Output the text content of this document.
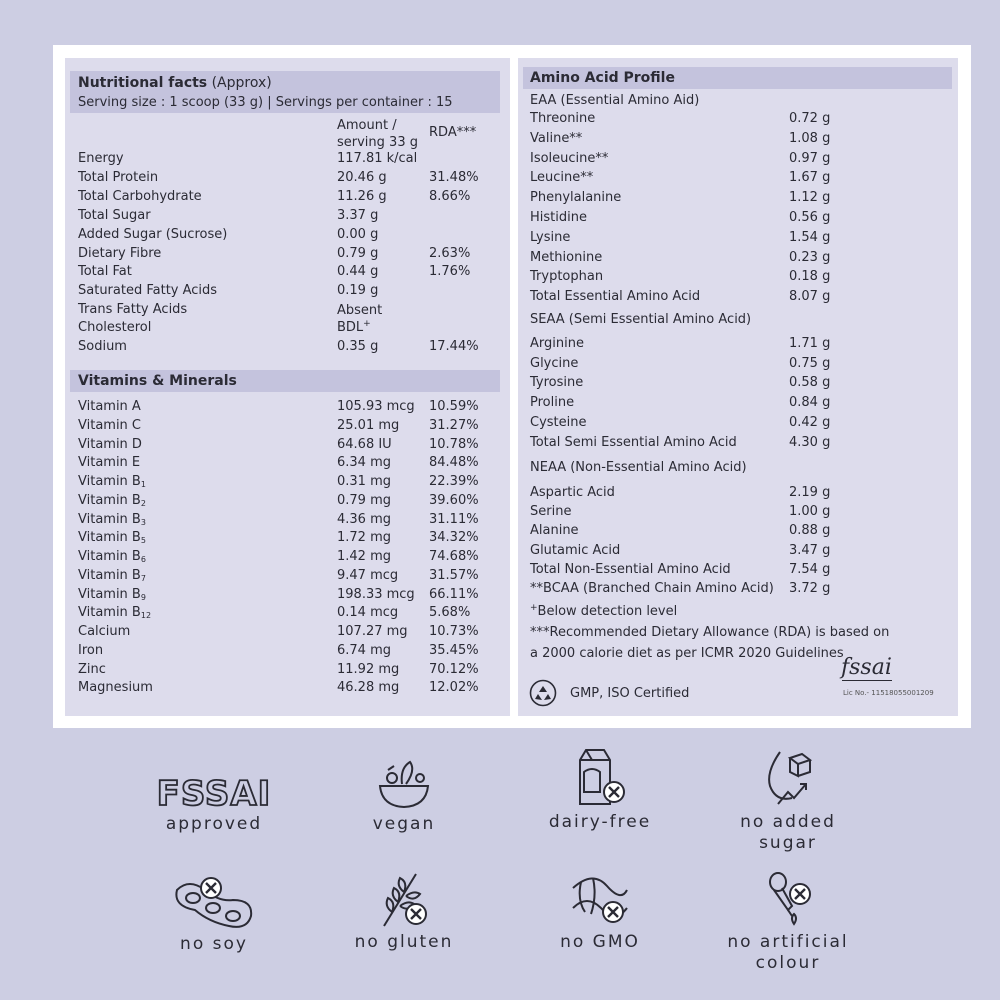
Nutritional facts (Approx)
Serving size : 1 scoop (33 g) | Servings per container : 15
Amount /
serving 33 g
RDA***
Energy	117.81 k/cal
Total Protein	20.46 g	31.48%
Total Carbohydrate	11.26 g	8.66%
Total Sugar	3.37 g
Added Sugar (Sucrose)	0.00 g
Dietary Fibre	0.79 g	2.63%
Total Fat	0.44 g	1.76%
Saturated Fatty Acids	0.19 g
Trans Fatty Acids	Absent
Cholesterol	BDL+
Sodium	0.35 g	17.44%
Vitamins & Minerals
Vitamin A	105.93 mcg 10.59%
Vitamin C	25.01 mg 31.27%
Vitamin D	64.68 IU	10.78%
Vitamin E	6.34 mg	84.48%
Vitamin $B_1$	0.31 mg	22.39%
Vitamin $B_2$	0.79 mg	39.60%
Vitamin $B_3$	4.36 mg	31.11%
Vitamin $B_5$	1.72 mg	34.32%
Vitamin $B_6$	1.42 mg	74.68%
Vitamin $B_7$	9.47 mcg 31.57%
Vitamin $B_9$	198.33 mcg 66.11%
Vitamin $B_{12}$	0.14 mcg 5.68%
Calcium	107.27 mg 10.73%
Iron	6.74 mg	35.45%
Zinc	11.92 mg 70.12%
Magnesium	46.28 mg 12.02%
Amino Acid Profile
EAA (Essential Amino Aid)
Threonine	0.72 g
Valine**	1.08 g
Isoleucine**	0.97 g
Leucine**	1.67 g
Phenylalanine	1.12 g
Histidine	0.56 g
Lysine	1.54 g
Methionine	0.23 g
Tryptophan	0.18 g
Total Essential Amino Acid	8.07 g
SEAA (Semi Essential Amino Acid)
Arginine	1.71 g
Glycine	0.75 g
Tyrosine	0.58 g
Proline	0.84 g
Cysteine	0.42 g
Total Semi Essential Amino Acid	4.30 g
NEAA (Non-Essential Amino Acid)
Aspartic Acid	2.19 g
Serine	1.00 g
Alanine	0.88 g
Glutamic Acid	3.47 g
Total Non-Essential Amino Acid	7.54 g
**BCAA (Branched Chain Amino Acid) 3.72 g
+Below detection level
***Recommended Dietary Allowance (RDA) is based on
a 2000 calorie diet as per ICMR 2020 Guidelines
GMP, ISO Certified
fssai
Lic No.- 11518055001209
FSSAI
approved	vegan	dairy-free	no added
sugar
no soy	no gluten	no GMO	no artificial
colour
